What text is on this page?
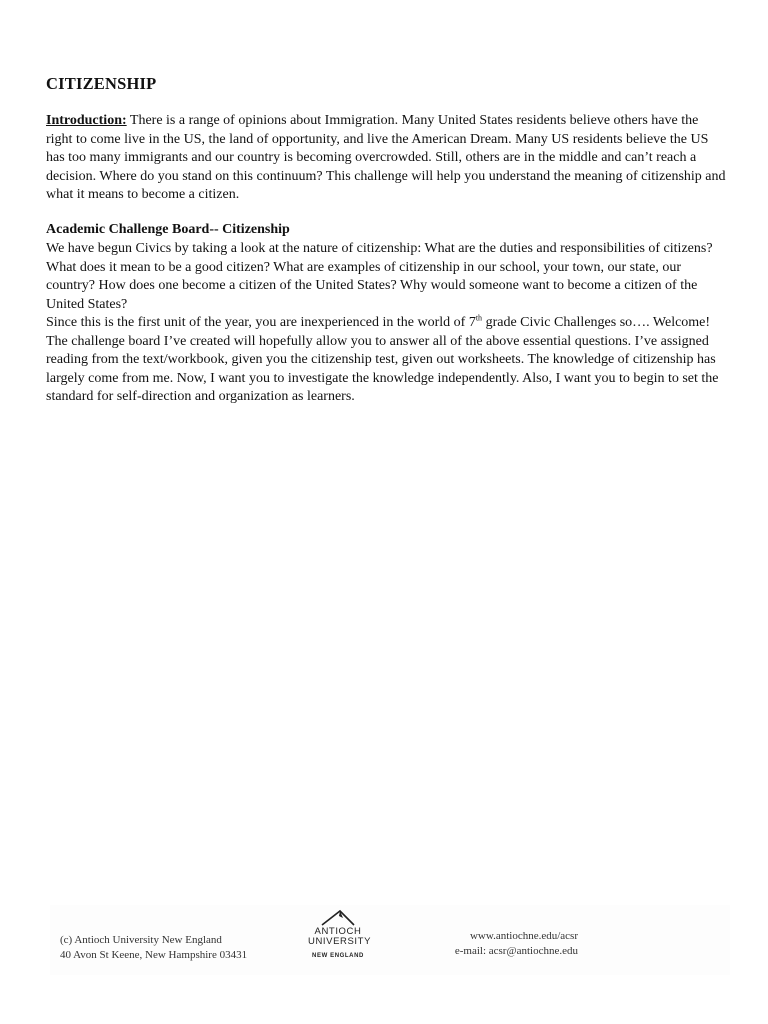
CITIZENSHIP
Introduction: There is a range of opinions about Immigration. Many United States residents believe others have the right to come live in the US, the land of opportunity, and live the American Dream. Many US residents believe the US has too many immigrants and our country is becoming overcrowded. Still, others are in the middle and can’t reach a decision. Where do you stand on this continuum? This challenge will help you understand the meaning of citizenship and what it means to become a citizen.
Academic Challenge Board-- Citizenship
We have begun Civics by taking a look at the nature of citizenship: What are the duties and responsibilities of citizens? What does it mean to be a good citizen? What are examples of citizenship in our school, your town, our state, our country? How does one become a citizen of the United States? Why would someone want to become a citizen of the United States?
Since this is the first unit of the year, you are inexperienced in the world of 7th grade Civic Challenges so…. Welcome!
The challenge board I’ve created will hopefully allow you to answer all of the above essential questions. I’ve assigned reading from the text/workbook, given you the citizenship test, given out worksheets. The knowledge of citizenship has largely come from me. Now, I want you to investigate the knowledge independently. Also, I want you to begin to set the standard for self-direction and organization as learners.
(c) Antioch University New England
40 Avon St Keene, New Hampshire 03431
ANTIOCH
UNIVERSITY
NEW ENGLAND
www.antiochne.edu/acsr
e-mail: acsr@antiochne.edu
